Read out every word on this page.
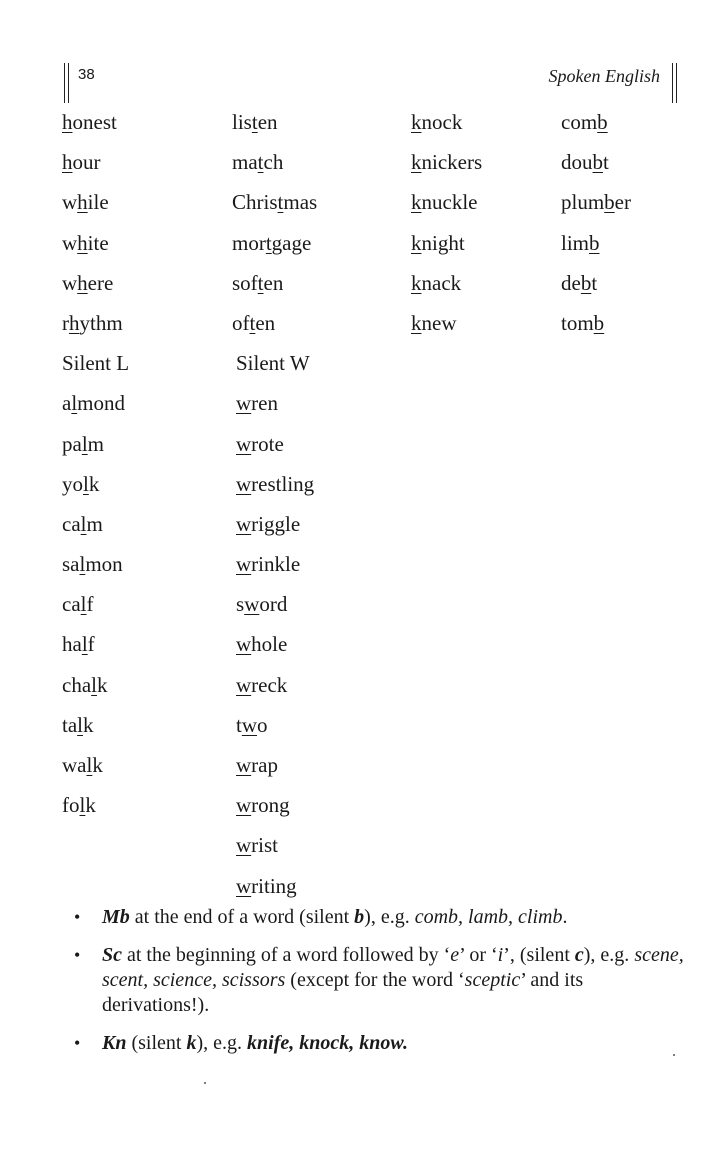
38	Spoken English
honest
hour
while
white
where
rhythm
Silent L
almond
palm
yolk
calm
salmon
calf
half
chalk
talk
walk
folk
listen
match
Christmas
mortgage
soften
often
Silent W
wren
wrote
wrestling
wriggle
wrinkle
sword
whole
wreck
two
wrap
wrong
wrist
writing
knock
knickers
knuckle
knight
knack
knew
comb
doubt
plumber
limb
debt
tomb
• Mb at the end of a word (silent b), e.g. comb, lamb, climb.
• Sc at the beginning of a word followed by ‘e’ or ‘i’, (silent c), e.g. scene, scent, science, scissors (except for the word ‘sceptic’ and its derivations!).
• Kn (silent k), e.g. knife, knock, know.
